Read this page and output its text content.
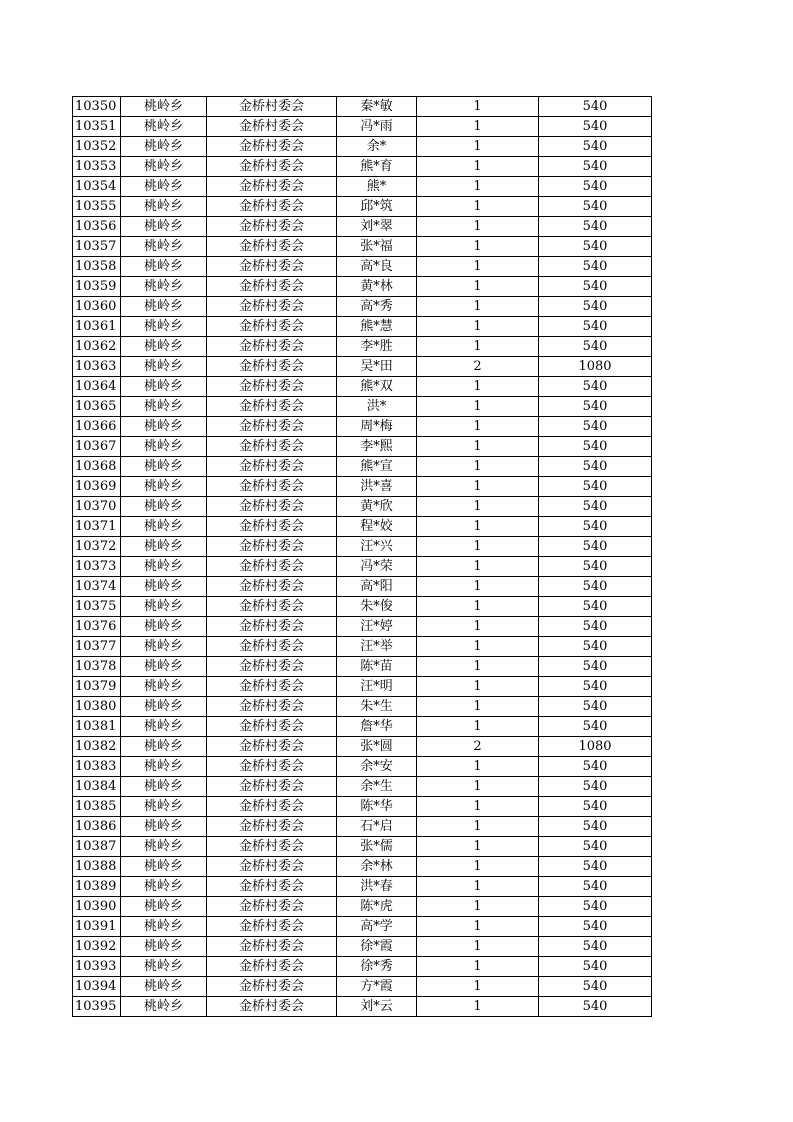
10350	桃岭乡	金桥村委会	秦*敏	1	540
10351	桃岭乡	金桥村委会	冯*雨	1	540
10352	桃岭乡	金桥村委会	余*	1	540
10353	桃岭乡	金桥村委会	熊*育	1	540
10354	桃岭乡	金桥村委会	熊*	1	540
10355	桃岭乡	金桥村委会	邱*筑	1	540
10356	桃岭乡	金桥村委会	刘*翠	1	540
10357	桃岭乡	金桥村委会	张*福	1	540
10358	桃岭乡	金桥村委会	高*良	1	540
10359	桃岭乡	金桥村委会	黄*林	1	540
10360	桃岭乡	金桥村委会	高*秀	1	540
10361	桃岭乡	金桥村委会	熊*慧	1	540
10362	桃岭乡	金桥村委会	李*胜	1	540
10363	桃岭乡	金桥村委会	吴*田	2	1080
10364	桃岭乡	金桥村委会	熊*双	1	540
10365	桃岭乡	金桥村委会	洪*	1	540
10366	桃岭乡	金桥村委会	周*梅	1	540
10367	桃岭乡	金桥村委会	李*熙	1	540
10368	桃岭乡	金桥村委会	熊*宣	1	540
10369	桃岭乡	金桥村委会	洪*喜	1	540
10370	桃岭乡	金桥村委会	黄*欣	1	540
10371	桃岭乡	金桥村委会	程*姣	1	540
10372	桃岭乡	金桥村委会	汪*兴	1	540
10373	桃岭乡	金桥村委会	冯*荣	1	540
10374	桃岭乡	金桥村委会	高*阳	1	540
10375	桃岭乡	金桥村委会	朱*俊	1	540
10376	桃岭乡	金桥村委会	汪*婷	1	540
10377	桃岭乡	金桥村委会	汪*举	1	540
10378	桃岭乡	金桥村委会	陈*苗	1	540
10379	桃岭乡	金桥村委会	汪*明	1	540
10380	桃岭乡	金桥村委会	朱*生	1	540
10381	桃岭乡	金桥村委会	詹*华	1	540
10382	桃岭乡	金桥村委会	张*圆	2	1080
10383	桃岭乡	金桥村委会	余*安	1	540
10384	桃岭乡	金桥村委会	余*生	1	540
10385	桃岭乡	金桥村委会	陈*华	1	540
10386	桃岭乡	金桥村委会	石*启	1	540
10387	桃岭乡	金桥村委会	张*儒	1	540
10388	桃岭乡	金桥村委会	余*林	1	540
10389	桃岭乡	金桥村委会	洪*春	1	540
10390	桃岭乡	金桥村委会	陈*虎	1	540
10391	桃岭乡	金桥村委会	高*学	1	540
10392	桃岭乡	金桥村委会	徐*霞	1	540
10393	桃岭乡	金桥村委会	徐*秀	1	540
10394	桃岭乡	金桥村委会	方*霞	1	540
10395	桃岭乡	金桥村委会	刘*云	1	540
